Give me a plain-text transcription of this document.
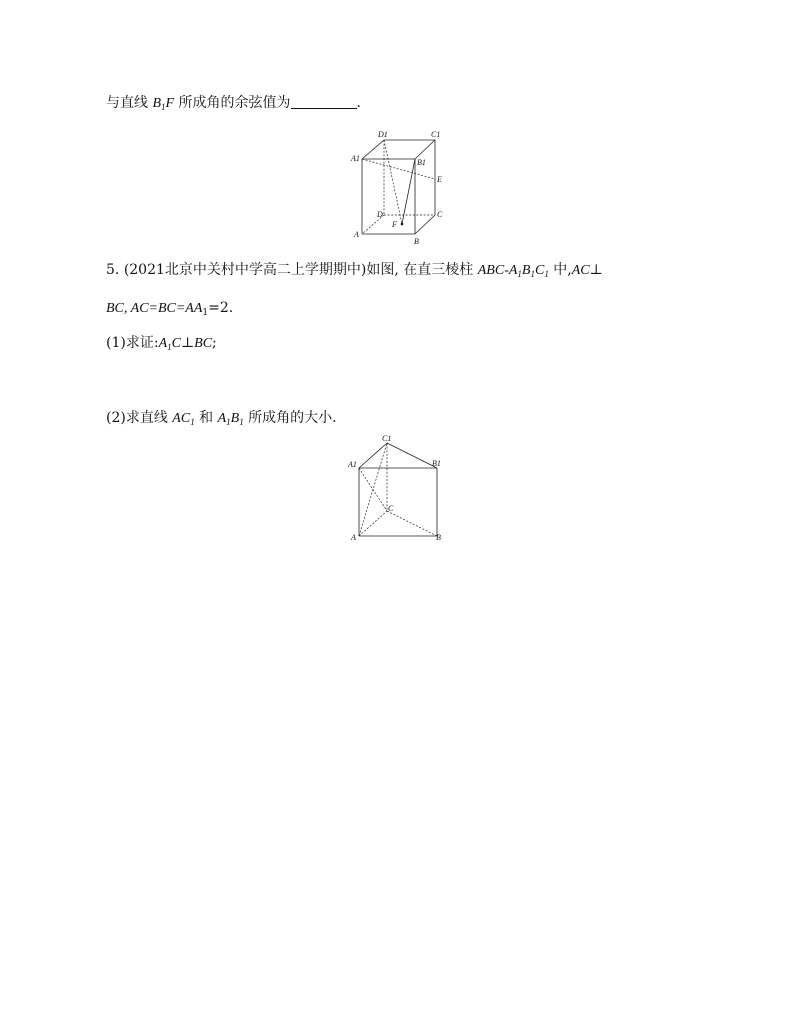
与直线 $B_1F$ 所成角的余弦值为	.
D1	C1
A1	B1
E
D	C
F
A
B
5. (2021北京中关村中学高二上学期期中)如图, 在直三棱柱 ABC-$A_1B_1C_1$ 中,AC⊥
BC, $AC=BC=AA_1=2$.
(1)求证$:A_1C\perp BC$;
(2)求直线 $AC_1$ 和 $A_1B_1$ 所成角的大小.
C1
A1	B1
C
A	B
